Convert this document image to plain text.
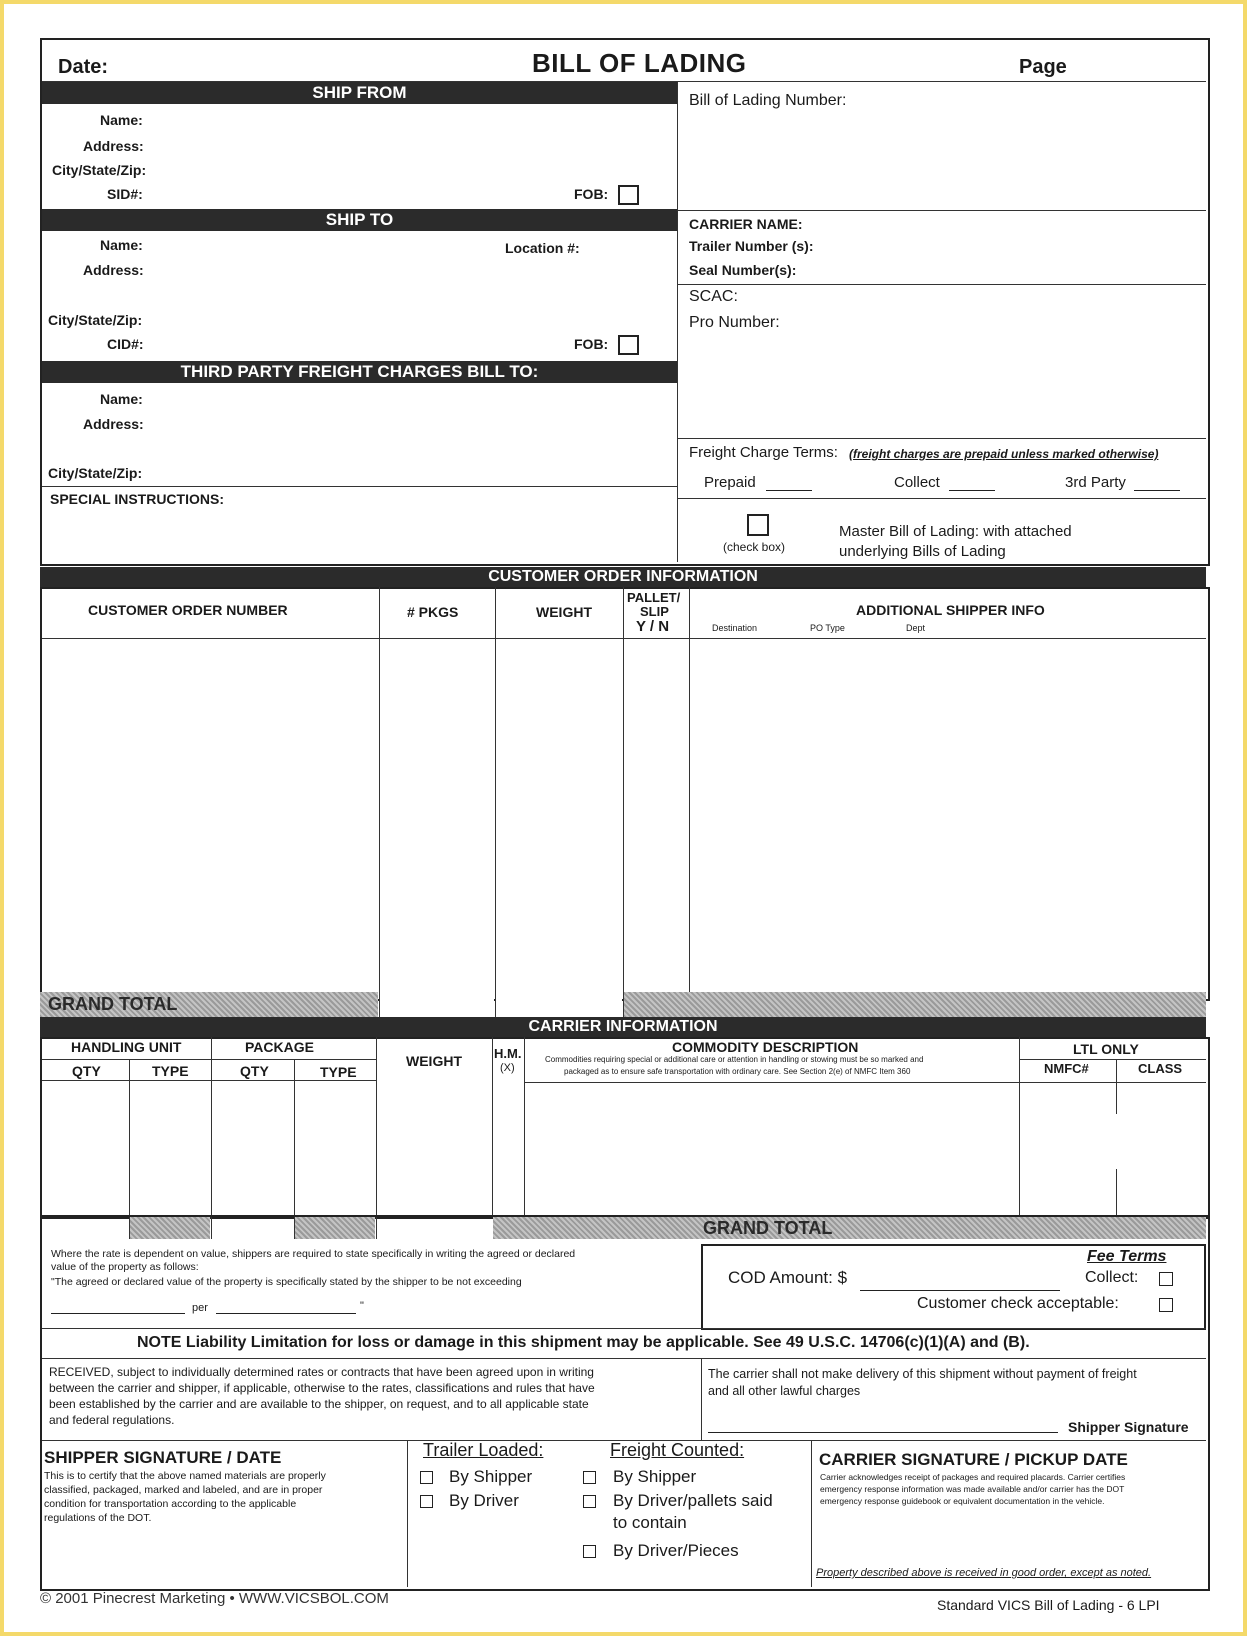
Date:	BILL OF LADING	Page
SHIP FROM
Name:
Address:
City/State/Zip:
SID#:	FOB:
Bill of Lading Number:
SHIP TO
Name:	Location #:
Address:
City/State/Zip:
CID#:	FOB:
CARRIER NAME:
Trailer Number (s):
Seal Number(s):
SCAC:
Pro Number:
THIRD PARTY FREIGHT CHARGES BILL TO:
Name:
Address:
City/State/Zip:
SPECIAL INSTRUCTIONS:
Freight Charge Terms: (freight charges are prepaid unless marked otherwise)
Prepaid	Collect	3rd Party
(check box)
Master Bill of Lading: with attached
underlying Bills of Lading
CUSTOMER ORDER INFORMATION
CUSTOMER ORDER NUMBER	# PKGS	WEIGHT
PALLET/
SLIP
Y / N
ADDITIONAL SHIPPER INFO
Destination	PO Type	Dept
GRAND TOTAL
CARRIER INFORMATION
HANDLING UNIT	PACKAGE
QTY	TYPE	QTY	TYPE
WEIGHT H.M.
(X)
COMMODITY DESCRIPTION
Commodities requiring special or additional care or attention in handling or stowing must be so marked and
packaged as to ensure safe transportation with ordinary care. See Section 2(e) of NMFC Item 360
LTL ONLY
NMFC#	CLASS
GRAND TOTAL
Where the rate is dependent on value, shippers are required to state specifically in writing the agreed or declared
value of the property as follows:
"The agreed or declared value of the property is specifically stated by the shipper to be not exceeding
per	"
COD Amount: $
Fee Terms
Collect:
Customer check acceptable:
NOTE Liability Limitation for loss or damage in this shipment may be applicable. See 49 U.S.C. 14706(c)(1)(A) and (B).
RECEIVED, subject to individually determined rates or contracts that have been agreed upon in writing
between the carrier and shipper, if applicable, otherwise to the rates, classifications and rules that have
been established by the carrier and are available to the shipper, on request, and to all applicable state
and federal regulations.
The carrier shall not make delivery of this shipment without payment of freight
and all other lawful charges
Shipper Signature
SHIPPER SIGNATURE / DATE
This is to certify that the above named materials are properly
classified, packaged, marked and labeled, and are in proper
condition for transportation according to the applicable
regulations of the DOT.
Trailer Loaded:
By Shipper
By Driver
Freight Counted:
By Shipper
By Driver/pallets said
to contain
By Driver/Pieces
CARRIER SIGNATURE / PICKUP DATE
Carrier acknowledges receipt of packages and required placards. Carrier certifies
emergency response information was made available and/or carrier has the DOT
emergency response guidebook or equivalent documentation in the vehicle.
Property described above is received in good order, except as noted.
© 2001 Pinecrest Marketing • WWW.VICSBOL.COM	Standard VICS Bill of Lading - 6 LPI
